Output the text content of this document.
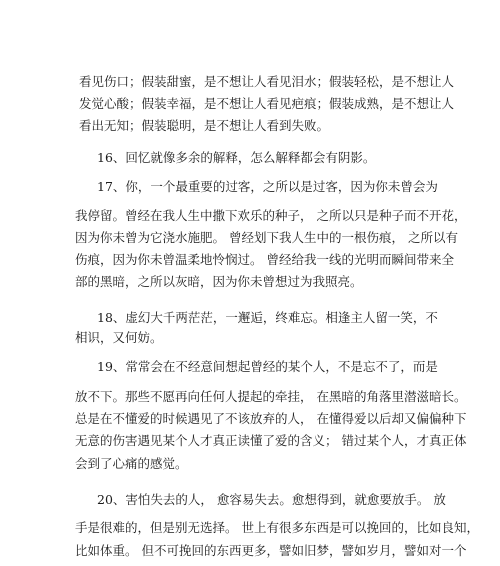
看见伤口；假装甜蜜，是不想让人看见泪水；假装轻松，是不想让人
发觉心酸；假装幸福，是不想让人看见疤痕；假装成熟，是不想让人
看出无知；假装聪明，是不想让人看到失败。
16、回忆就像多余的解释，怎么解释都会有阴影。
17、你，一个最重要的过客，之所以是过客，因为你未曾会为
我停留。曾经在我人生中撒下欢乐的种子， 之所以只是种子而不开花，
因为你未曾为它浇水施肥。 曾经划下我人生中的一根伤痕， 之所以有
伤痕，因为你未曾温柔地怜悯过。 曾经给我一线的光明而瞬间带来全
部的黑暗，之所以灰暗，因为你未曾想过为我照亮。
18、虚幻大千两茫茫，一邂逅，终难忘。相逢主人留一笑，不
相识，又何妨。
19、常常会在不经意间想起曾经的某个人，不是忘不了，而是
放不下。那些不愿再向任何人提起的牵挂， 在黑暗的角落里潜滋暗长。
总是在不懂爱的时候遇见了不该放弃的人， 在懂得爱以后却又偏偏种下
无意的伤害遇见某个人才真正读懂了爱的含义； 错过某个人，才真正体
会到了心痛的感觉。
20、害怕失去的人， 愈容易失去。愈想得到，就愈要放手。 放
手是很难的，但是别无选择。 世上有很多东西是可以挽回的，比如良知，
比如体重。 但不可挽回的东西更多，譬如旧梦，譬如岁月，譬如对一个
